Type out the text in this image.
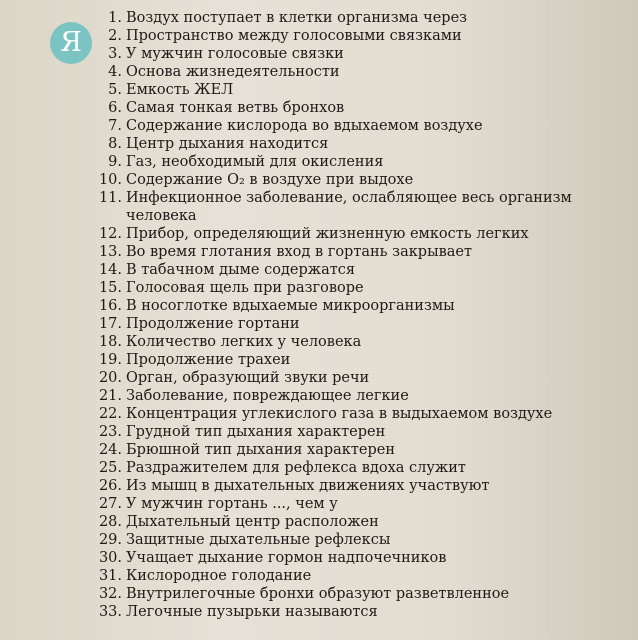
Я
1. Воздух поступает в клетки организма через
2. Пространство между голосовыми связками
3. У мужчин голосовые связки
4. Основа жизнедеятельности
5. Емкость ЖЕЛ
6. Самая тонкая ветвь бронхов
7. Содержание кислорода во вдыхаемом воздухе
8. Центр дыхания находится
9. Газ, необходимый для окисления
10. Содержание O₂ в воздухе при выдохе
11. Инфекционное заболевание, ослабляющее весь организм человека
12. Прибор, определяющий жизненную емкость легких
13. Во время глотания вход в гортань закрывает
14. В табачном дыме содержатся
15. Голосовая щель при разговоре
16. В носоглотке вдыхаемые микроорганизмы
17. Продолжение гортани
18. Количество легких у человека
19. Продолжение трахеи
20. Орган, образующий звуки речи
21. Заболевание, повреждающее легкие
22. Концентрация углекислого газа в выдыхаемом воздухе
23. Грудной тип дыхания характерен
24. Брюшной тип дыхания характерен
25. Раздражителем для рефлекса вдоха служит
26. Из мышц в дыхательных движениях участвуют
27. У мужчин гортань ..., чем у
28. Дыхательный центр расположен
29. Защитные дыхательные рефлексы
30. Учащает дыхание гормон надпочечников
31. Кислородное голодание
32. Внутрилегочные бронхи образуют разветвленное
33. Легочные пузырьки называются
